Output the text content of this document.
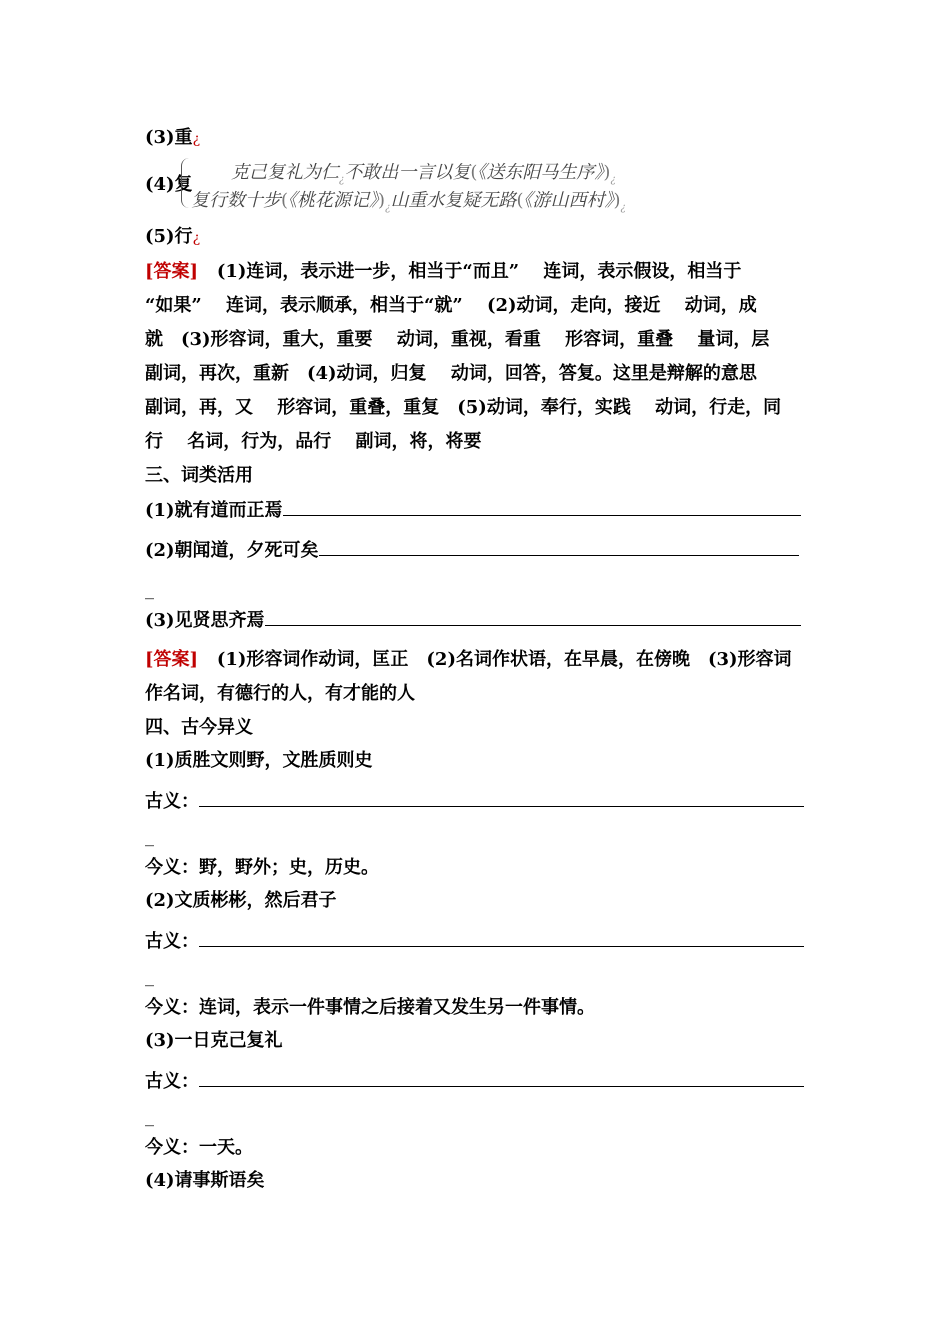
(3)重¿
(4)复
克己复礼为仁$_¿$不敢出一言以复(《送东阳马生序》)$_¿$
复行数十步(《桃花源记》)$_¿$山重水复疑无路(《游山西村》)$_¿$
(5)行¿
[答案] (1)连词，表示进一步，相当于“而且”　 连词，表示假设，相当于
“如果”　 连词，表示顺承，相当于“就”　 (2)动词，走向，接近　 动词，成
就　(3)形容词，重大，重要　 动词，重视，看重　 形容词，重叠　 量词，层
副词，再次，重新　(4)动词，归复　 动词，回答，答复。这里是辩解的意思
副词，再，又　 形容词，重叠，重复　(5)动词，奉行，实践　 动词，行走，同
行　 名词，行为，品行　 副词，将，将要
三、词类活用
(1)就有道而正焉
(2)朝闻道，夕死可矣
_
(3)见贤思齐焉
[答案] (1)形容词作动词，匡正　(2)名词作状语，在早晨，在傍晚　(3)形容词
作名词，有德行的人，有才能的人
四、古今异义
(1)质胜文则野，文胜质则史
古义：
_
今义：野，野外；史，历史。
(2)文质彬彬，然后君子
古义：
_
今义：连词，表示一件事情之后接着又发生另一件事情。
(3)一日克己复礼
古义：
_
今义：一天。
(4)请事斯语矣
